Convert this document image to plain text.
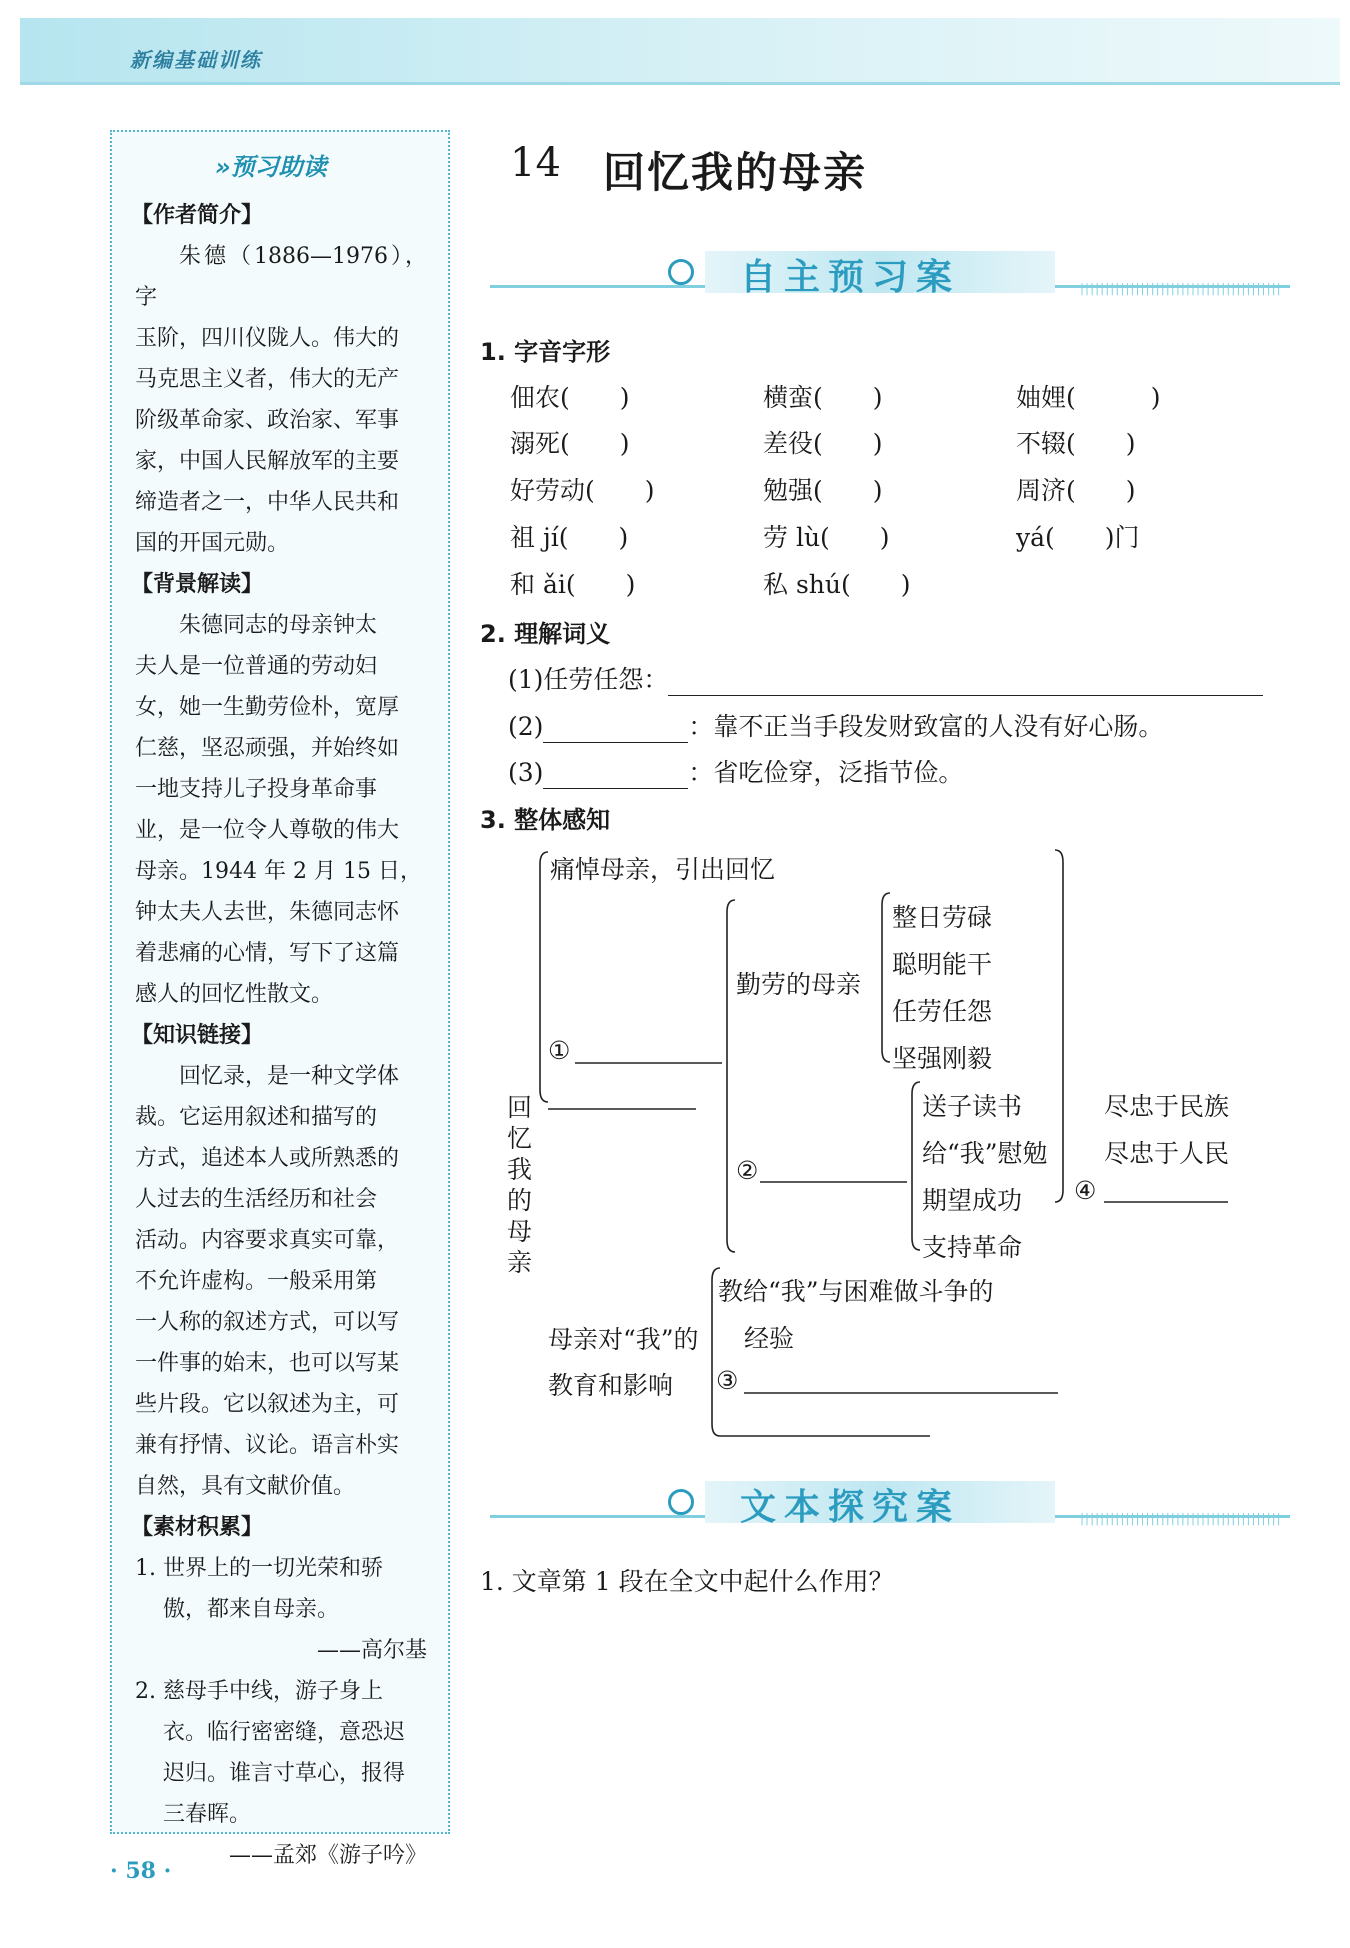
新编基础训练
»预习助读
【作者简介】
朱德（1886—1976），字
玉阶，四川仪陇人。伟大的
马克思主义者，伟大的无产
阶级革命家、政治家、军事
家，中国人民解放军的主要
缔造者之一，中华人民共和
国的开国元勋。
【背景解读】
朱德同志的母亲钟太
夫人是一位普通的劳动妇
女，她一生勤劳俭朴，宽厚
仁慈，坚忍顽强，并始终如
一地支持儿子投身革命事
业，是一位令人尊敬的伟大
母亲。1944 年 2 月 15 日，
钟太夫人去世，朱德同志怀
着悲痛的心情，写下了这篇
感人的回忆性散文。
【知识链接】
回忆录，是一种文学体
裁。它运用叙述和描写的
方式，追述本人或所熟悉的
人过去的生活经历和社会
活动。内容要求真实可靠，
不允许虚构。一般采用第
一人称的叙述方式，可以写
一件事的始末，也可以写某
些片段。它以叙述为主，可
兼有抒情、议论。语言朴实
自然，具有文献价值。
【素材积累】
1. 世界上的一切光荣和骄
傲，都来自母亲。
——高尔基
2. 慈母手中线，游子身上
衣。临行密密缝，意恐迟
迟归。谁言寸草心，报得
三春晖。
——孟郊《游子吟》
14 回忆我的母亲
自主预习案	||||||||||||||||||||||||||||||||||||||||
1. 字音字形
佃农(　　)	横蛮(　　)	妯娌(　　　)
溺死(　　)	差役(　　)	不辍(　　)
好劳动(　　)	勉强(　　)	周济(　　)
祖 jí(　　)	劳 lù(　　)	yá(　　)门
和 ǎi(　　)	私 shú(　　)
2. 理解词义
(1)任劳任怨：
(2)	：靠不正当手段发财致富的人没有好心肠。
(3)	：省吃俭穿，泛指节俭。
3. 整体感知
回忆我的母亲
痛悼母亲，引出回忆
①
勤劳的母亲
整日劳碌
聪明能干
任劳任怨
坚强刚毅
②
送子读书
给“我”慰勉
期望成功
支持革命
尽忠于民族
尽忠于人民
④
母亲对“我”的
教育和影响
教给“我”与困难做斗争的
经验
③
文本探究案	||||||||||||||||||||||||||||||||||||||||
1. 文章第 1 段在全文中起什么作用？
· 58 ·
